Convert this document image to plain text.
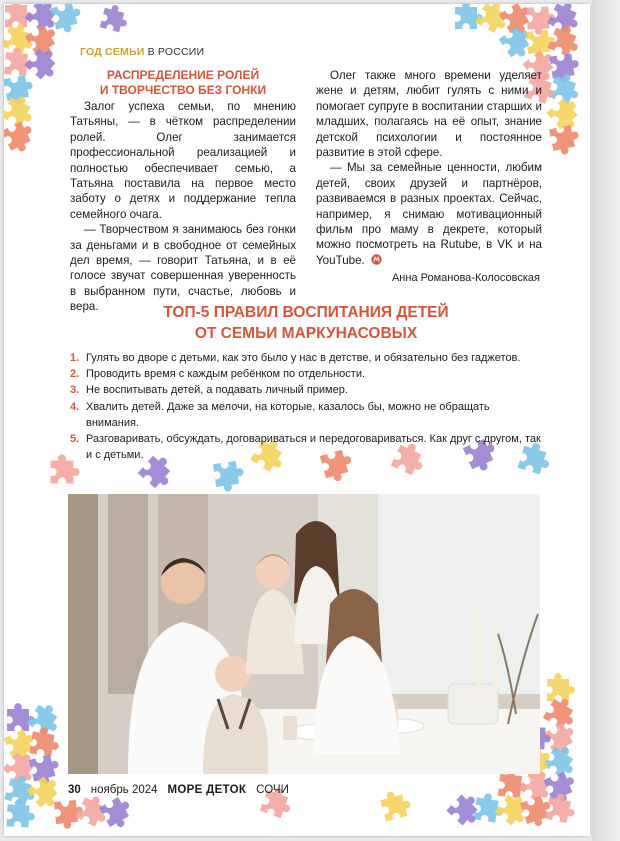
ГОД СЕМЬИ В РОССИИ
РАСПРЕДЕЛЕНИЕ РОЛЕЙ
И ТВОРЧЕСТВО БЕЗ ГОНКИ

Залог успеха семьи, по мнению Татьяны, — в чётком распределении ролей. Олег занимается профессиональной реализацией и полностью обеспечивает семью, а Татьяна поставила на первое место заботу о детях и поддержание тепла семейного очага.

— Творчеством я занимаюсь без гонки за деньгами и в свободное от семейных дел время, — говорит Татьяна, и в её голосе звучат совершенная уверенность в выбранном пути, счастье, любовь и вера.

Олег также много времени уделяет жене и детям, любит гулять с ними и помогает супруге в воспитании старших и младших, полагаясь на её опыт, знание детской психологии и постоянное развитие в этой сфере.

— Мы за семейные ценности, любим детей, своих друзей и партнёров, развиваемся в разных проектах. Сейчас, например, я снимаю мотивационный фильм про маму в декрете, который можно посмотреть на Rutube, в VK и на YouTube.

Анна Романова-Колосовская
ТОП-5 ПРАВИЛ ВОСПИТАНИЯ ДЕТЕЙ
ОТ СЕМЬИ МАРКУНАСОВЫХ
1. Гулять во дворе с детьми, как это было у нас в детстве, и обязательно без гаджетов.
2. Проводить время с каждым ребёнком по отдельности.
3. Не воспитывать детей, а подавать личный пример.
4. Хвалить детей. Даже за мелочи, на которые, казалось бы, можно не обращать внимания.
5. Разговаривать, обсуждать, договариваться и передоговариваться. Как друг с другом, так и с детьми.
30 ноябрь 2024 МОРЕ ДЕТОК СОЧИ
